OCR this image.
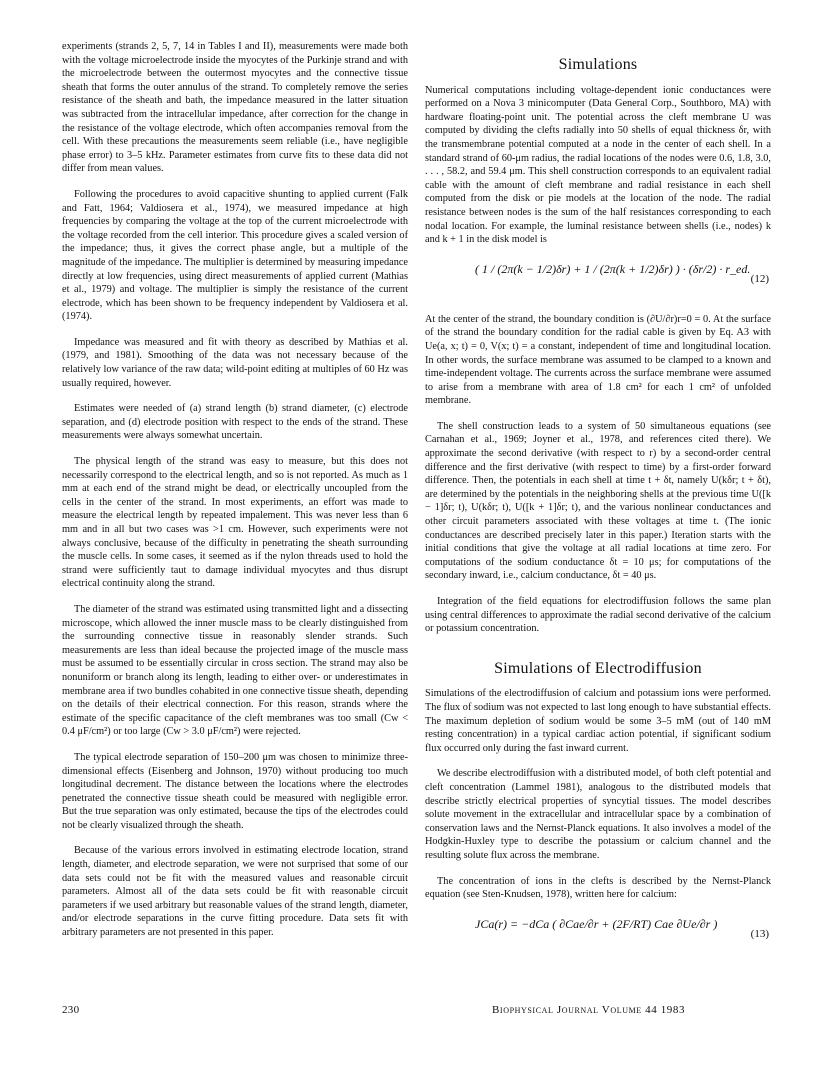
experiments (strands 2, 5, 7, 14 in Tables I and II), measurements were made both with the voltage microelectrode inside the myocytes of the Purkinje strand and with the microelectrode between the outermost myocytes and the connective tissue sheath that forms the outer annulus of the strand. To completely remove the series resistance of the sheath and bath, the impedance measured in the latter situation was subtracted from the intracellular impedance, after correction for the change in the resistance of the voltage electrode, which often accompanies removal from the cell. With these precautions the measurements seem reliable (i.e., have negligible phase error) to 3–5 kHz. Parameter estimates from curve fits to these data did not differ from mean values.

Following the procedures to avoid capacitive shunting to applied current (Falk and Fatt, 1964; Valdiosera et al., 1974), we measured impedance at high frequencies by comparing the voltage at the top of the current microelectrode with the voltage recorded from the cell interior. This procedure gives a scaled version of the impedance; thus, it gives the correct phase angle, but a multiple of the magnitude of the impedance. The multiplier is determined by measuring impedance directly at low frequencies, using direct measurements of applied current (Mathias et al., 1979) and voltage. The multiplier is simply the resistance of the current electrode, which has been shown to be frequency independent by Valdiosera et al. (1974).

Impedance was measured and fit with theory as described by Mathias et al. (1979, and 1981). Smoothing of the data was not necessary because of the relatively low variance of the raw data; wild-point editing at multiples of 60 Hz was usually required, however.

Estimates were needed of (a) strand length (b) strand diameter, (c) electrode separation, and (d) electrode position with respect to the ends of the strand. These measurements were always somewhat uncertain.

The physical length of the strand was easy to measure, but this does not necessarily correspond to the electrical length, and so is not reported. As much as 1 mm at each end of the strand might be dead, or electrically uncoupled from the cells in the center of the strand. In most experiments, an effort was made to measure the electrical length by repeated impalement. This was never less than 6 mm and in all but two cases was >1 cm. However, such experiments were not always conclusive, because of the difficulty in penetrating the sheath surrounding the muscle cells. In some cases, it seemed as if the nylon threads used to hold the strand were sufficiently taut to damage individual myocytes and thus disrupt electrical continuity along the strand.

The diameter of the strand was estimated using transmitted light and a dissecting microscope, which allowed the inner muscle mass to be clearly distinguished from the surrounding connective tissue in reasonably slender strands. Such measurements are less than ideal because the projected image of the muscle mass must be assumed to be essentially circular in cross section. The strand may also be nonuniform or branch along its length, leading to either over- or underestimates in membrane area if two bundles cohabited in one connective tissue sheath, depending on the details of their electrical connection. For this reason, strands where the estimate of the specific capacitance of the cleft membranes was too small (Cw < 0.4 μF/cm²) or too large (Cw > 3.0 μF/cm²) were rejected.

The typical electrode separation of 150–200 μm was chosen to minimize three-dimensional effects (Eisenberg and Johnson, 1970) without producing too much longitudinal decrement. The distance between the locations where the electrodes penetrated the connective tissue sheath could be measured with negligible error. But the true separation was only estimated, because the tips of the electrodes could not be clearly visualized through the sheath.

Because of the various errors involved in estimating electrode location, strand length, diameter, and electrode separation, we were not surprised that some of our data sets could not be fit with the measured values and reasonable circuit parameters. Almost all of the data sets could be fit with reasonable circuit parameters if we used arbitrary but reasonable values of the strand length, diameter, and/or electrode separations in the curve fitting procedure. Data sets fit with arbitrary parameters are not presented in this paper.

Simulations

Numerical computations including voltage-dependent ionic conductances were performed on a Nova 3 minicomputer (Data General Corp., Southboro, MA) with hardware floating-point unit. The potential across the cleft membrane U was computed by dividing the clefts radially into 50 shells of equal thickness δr, with the transmembrane potential computed at a node in the center of each shell. In a standard strand of 60-μm radius, the radial locations of the nodes were 0.6, 1.8, 3.0, . . . , 58.2, and 59.4 μm. This shell construction corresponds to an equivalent radial cable with the amount of cleft membrane and radial resistance in each shell computed from the disk or pie models at the location of the node. The radial resistance between nodes is the sum of the half resistances corresponding to each nodal location. For example, the luminal resistance between shells (i.e., nodes) k and k + 1 in the disk model is

( 1 / (2π(k − 1/2)δr) + 1 / (2π(k + 1/2)δr) ) · (δr/2) · r_ed.
(12)

At the center of the strand, the boundary condition is (∂U/∂r)r=0 = 0. At the surface of the strand the boundary condition for the radial cable is given by Eq. A3 with Ue(a, x; t) = 0, V(x; t) = a constant, independent of time and longitudinal location. In other words, the surface membrane was assumed to be clamped to a known and time-independent voltage. The currents across the surface membrane were assumed to arise from a membrane with area of 1.8 cm² for each 1 cm² of unfolded membrane.

The shell construction leads to a system of 50 simultaneous equations (see Carnahan et al., 1969; Joyner et al., 1978, and references cited there). We approximate the second derivative (with respect to r) by a second-order central difference and the first derivative (with respect to time) by a first-order forward difference. Then, the potentials in each shell at time t + δt, namely U(kδr; t + δt), are determined by the potentials in the neighboring shells at the previous time U([k − 1]δr; t), U(kδr; t), U([k + 1]δr; t), and the various nonlinear conductances and other circuit parameters associated with these voltages at time t. (The ionic conductances are described precisely later in this paper.) Iteration starts with the initial conditions that give the voltage at all radial locations at time zero. For computations of the sodium conductance δt = 10 μs; for computations of the secondary inward, i.e., calcium conductance, δt = 40 μs.

Integration of the field equations for electrodiffusion follows the same plan using central differences to approximate the radial second derivative of the calcium or potassium concentration.

Simulations of Electrodiffusion

Simulations of the electrodiffusion of calcium and potassium ions were performed. The flux of sodium was not expected to last long enough to have substantial effects. The maximum depletion of sodium would be some 3–5 mM (out of 140 mM resting concentration) in a typical cardiac action potential, if significant sodium flux occurred only during the fast inward current.

We describe electrodiffusion with a distributed model, of both cleft potential and cleft concentration (Lammel 1981), analogous to the distributed models that describe strictly electrical properties of syncytial tissues. The model describes solute movement in the extracellular and intracellular space by a combination of conservation laws and the Nernst-Planck equations. It also involves a model of the Hodgkin-Huxley type to describe the potassium or calcium channel and the resulting solute flux across the membrane.

The concentration of ions in the clefts is described by the Nernst-Planck equation (see Sten-Knudsen, 1978), written here for calcium:

JCa(r) = −dCa ( ∂Cae/∂r + (2F/RT) Cae ∂Ue/∂r )
(13)
230	Biophysical Journal Volume 44 1983
